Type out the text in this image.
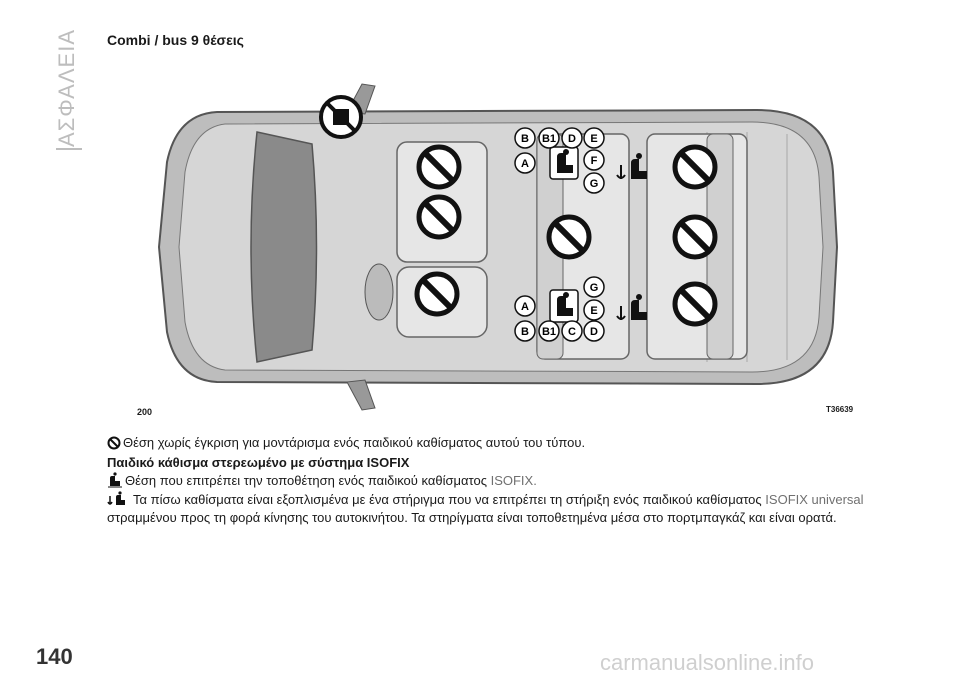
ΑΣΦΑΛΕΙΑ Combi / bus 9 θέσεις
B B1 D E
A	F
G
G
A	E
B B1 C D
200	T36639
Θέση χωρίς έγκριση για μοντάρισμα ενός παιδικού καθίσματος αυτού του τύπου.
Παιδικό κάθισμα στερεωμένο με σύστημα ISOFIX
Θέση που επιτρέπει την τοποθέτηση ενός παιδικού καθίσματος ISOFIX.
Τα πίσω καθίσματα είναι εξοπλισμένα με ένα στήριγμα που να επιτρέπει τη στήριξη ενός παιδικού καθίσματος ISOFIX universal στραμμένου προς τη φορά κίνησης του αυτοκινήτου. Τα στηρίγματα είναι τοποθετημένα μέσα στο πορτμπαγκάζ και είναι ορατά.
140	carmanualsonline.info
